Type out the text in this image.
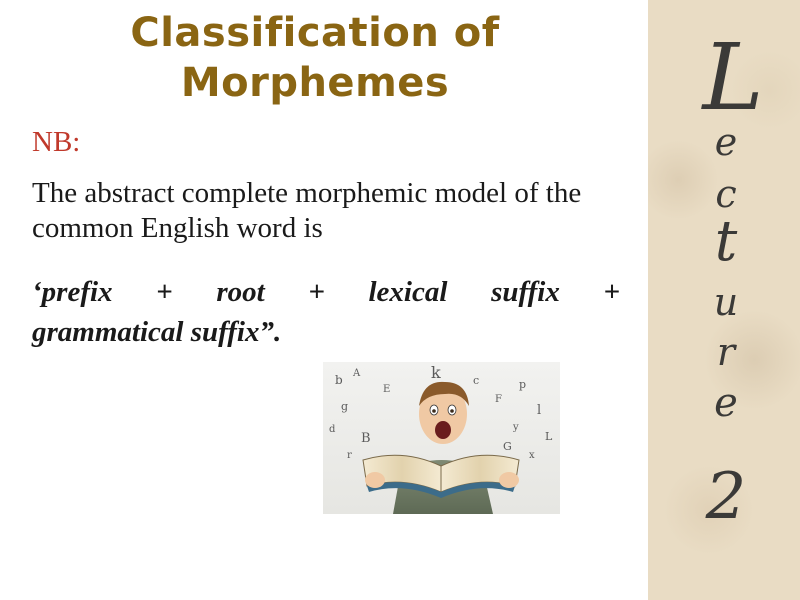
Classification of Morphemes
NB:
The abstract complete morphemic model of the common English word is
‘prefix + root + lexical suffix +
grammatical suffix”.
b A
g
d
B
r
k	c
F
p
l
L
y
x
G
E
L
e
c
t
u
r
e
2
